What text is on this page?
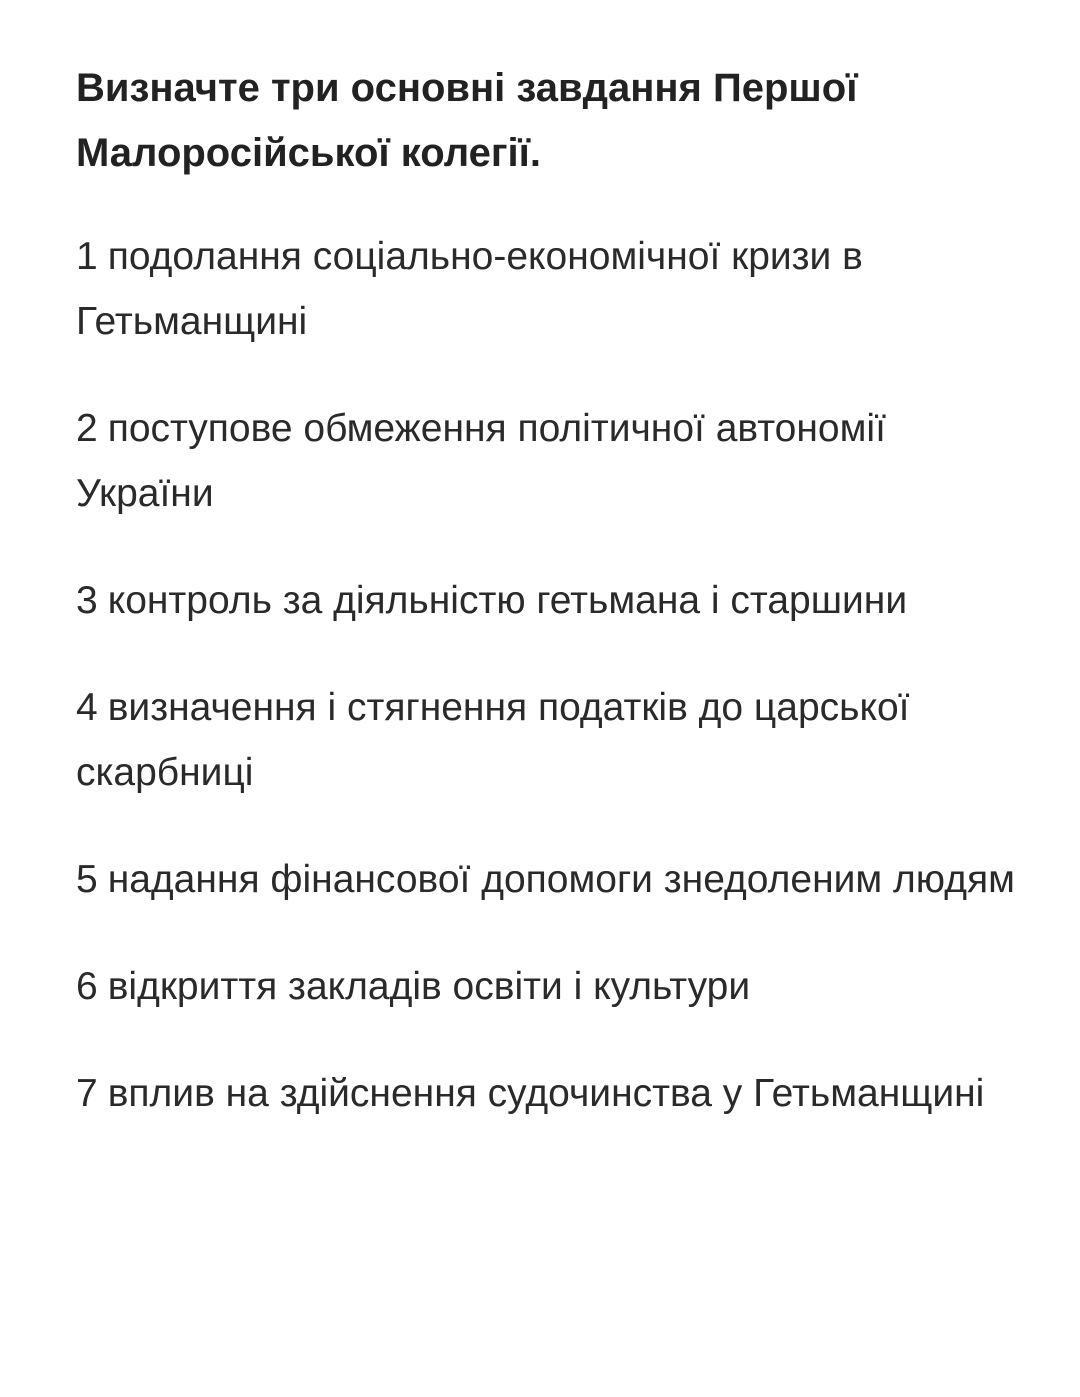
Визначте три основні завдання Першої Малоросійської колегії.
1 подолання соціально-економічної кризи в Гетьманщині
2 поступове обмеження політичної автономії України
3 контроль за діяльністю гетьмана і старшини
4 визначення і стягнення податків до царської скарбниці
5 надання фінансової допомоги знедоленим людям
6 відкриття закладів освіти і культури
7 вплив на здійснення судочинства у Гетьманщині
